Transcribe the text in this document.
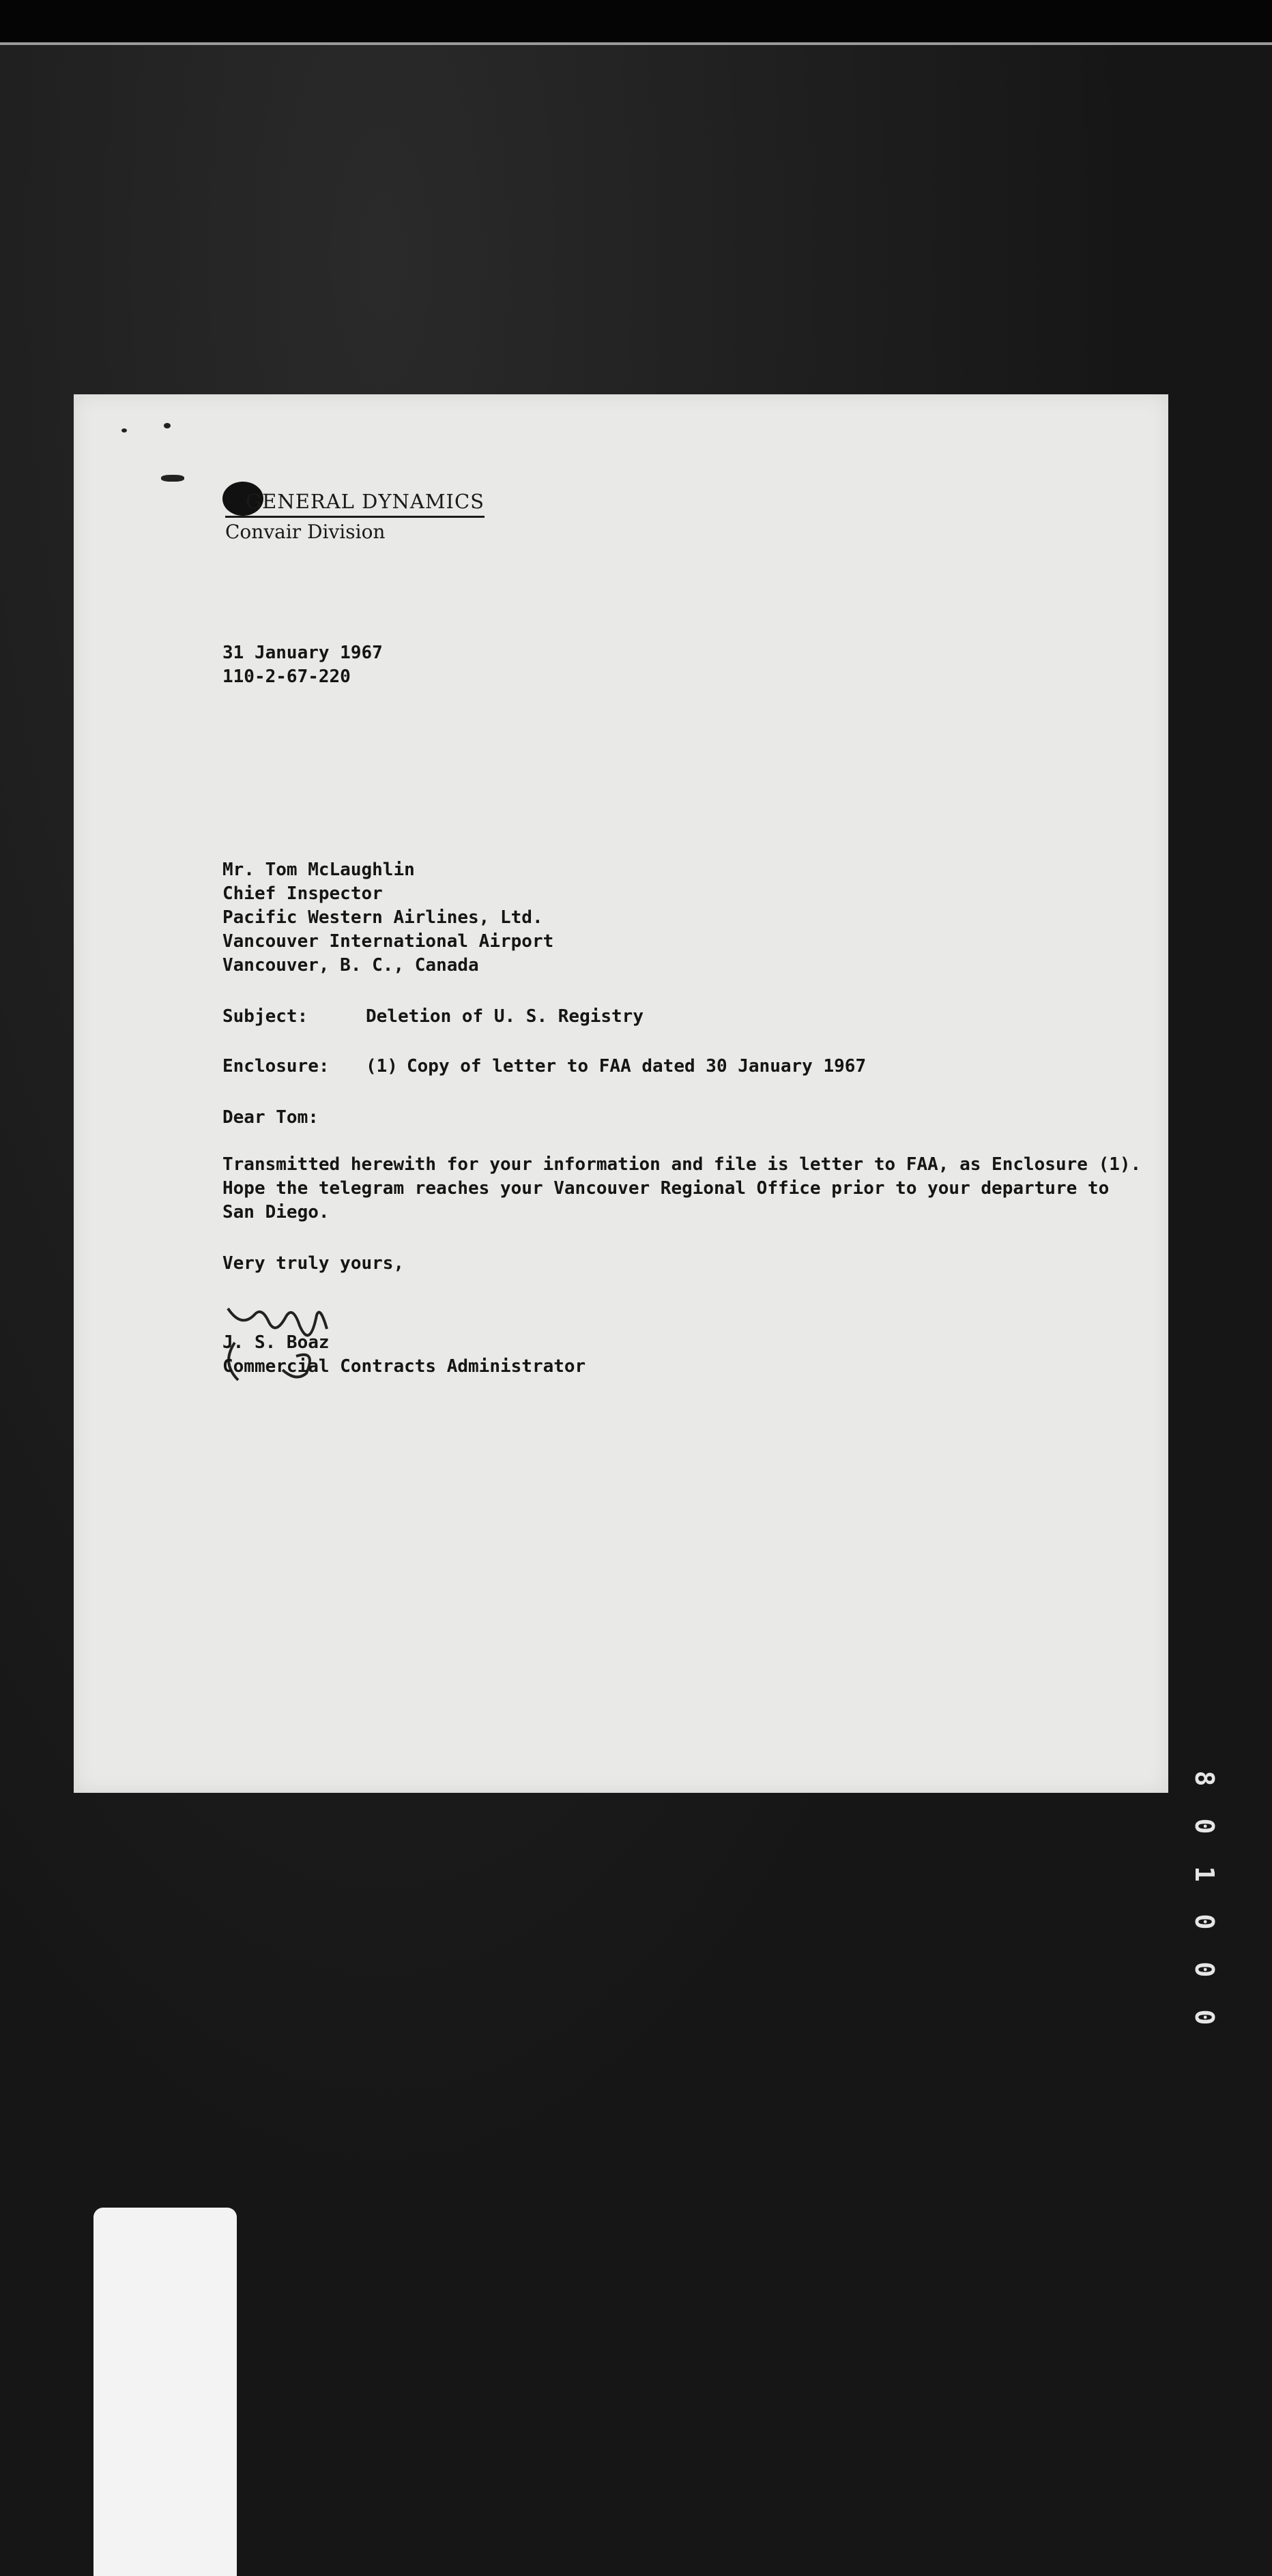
GENERAL DYNAMICS
Convair Division
31 January 1967
110-2-67-220
Mr. Tom McLaughlin
Chief Inspector
Pacific Western Airlines, Ltd.
Vancouver International Airport
Vancouver, B. C., Canada
Subject:	Deletion of U. S. Registry
Enclosure: (1) Copy of letter to FAA dated 30 January 1967
Dear Tom:
Transmitted herewith for your information and file is letter to FAA, as Enclosure (1).
Hope the telegram reaches your Vancouver Regional Office prior to your departure to
San Diego.
Very truly yours,
J. S. Boaz
Commercial Contracts Administrator
8
0
1
0
0
0
